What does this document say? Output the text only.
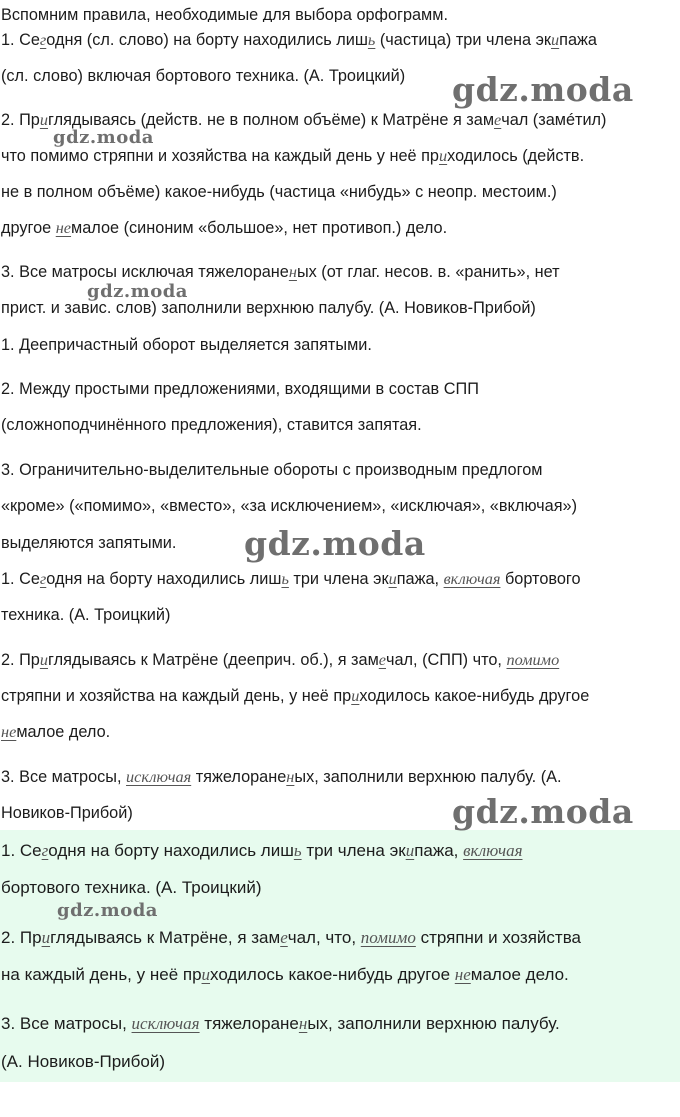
Вспомним правила, необходимые для выбора орфограмм.
1. Сегодня (сл. слово) на борту находились лишь (частица) три члена экипажа
(сл. слово) включая бортового техника. (А. Троицкий)
2. Приглядываясь (действ. не в полном объёме) к Матрёне я замечал (замéтил)
что помимо стряпни и хозяйства на каждый день у неё приходилось (действ.
не в полном объёме) какое-нибудь (частица «нибудь» с неопр. местоим.)
другое немалое (синоним «большое», нет противоп.) дело.
3. Все матросы исключая тяжелораненых (от глаг. несов. в. «ранить», нет
прист. и завис. слов) заполнили верхнюю палубу. (А. Новиков-Прибой)
1. Деепричастный оборот выделяется запятыми.
2. Между простыми предложениями, входящими в состав СПП
(сложноподчинённого предложения), ставится запятая.
3. Ограничительно-выделительные обороты с производным предлогом
«кроме» («помимо», «вместо», «за исключением», «исключая», «включая»)
выделяются запятыми.
1. Сегодня на борту находились лишь три члена экипажа, включая бортового
техника. (А. Троицкий)
2. Приглядываясь к Матрёне (дееприч. об.), я замечал, (СПП) что, помимо
стряпни и хозяйства на каждый день, у неё приходилось какое-нибудь другое
немалое дело.
3. Все матросы, исключая тяжелораненых, заполнили верхнюю палубу. (А.
Новиков-Прибой)
1. Сегодня на борту находились лишь три члена экипажа, включая
бортового техника. (А. Троицкий)
2. Приглядываясь к Матрёне, я замечал, что, помимо стряпни и хозяйства
на каждый день, у неё приходилось какое-нибудь другое немалое дело.
3. Все матросы, исключая тяжелораненых, заполнили верхнюю палубу.
(А. Новиков-Прибой)
gdz.moda
gdz.moda
gdz.moda
gdz.moda
gdz.moda
gdz.moda
